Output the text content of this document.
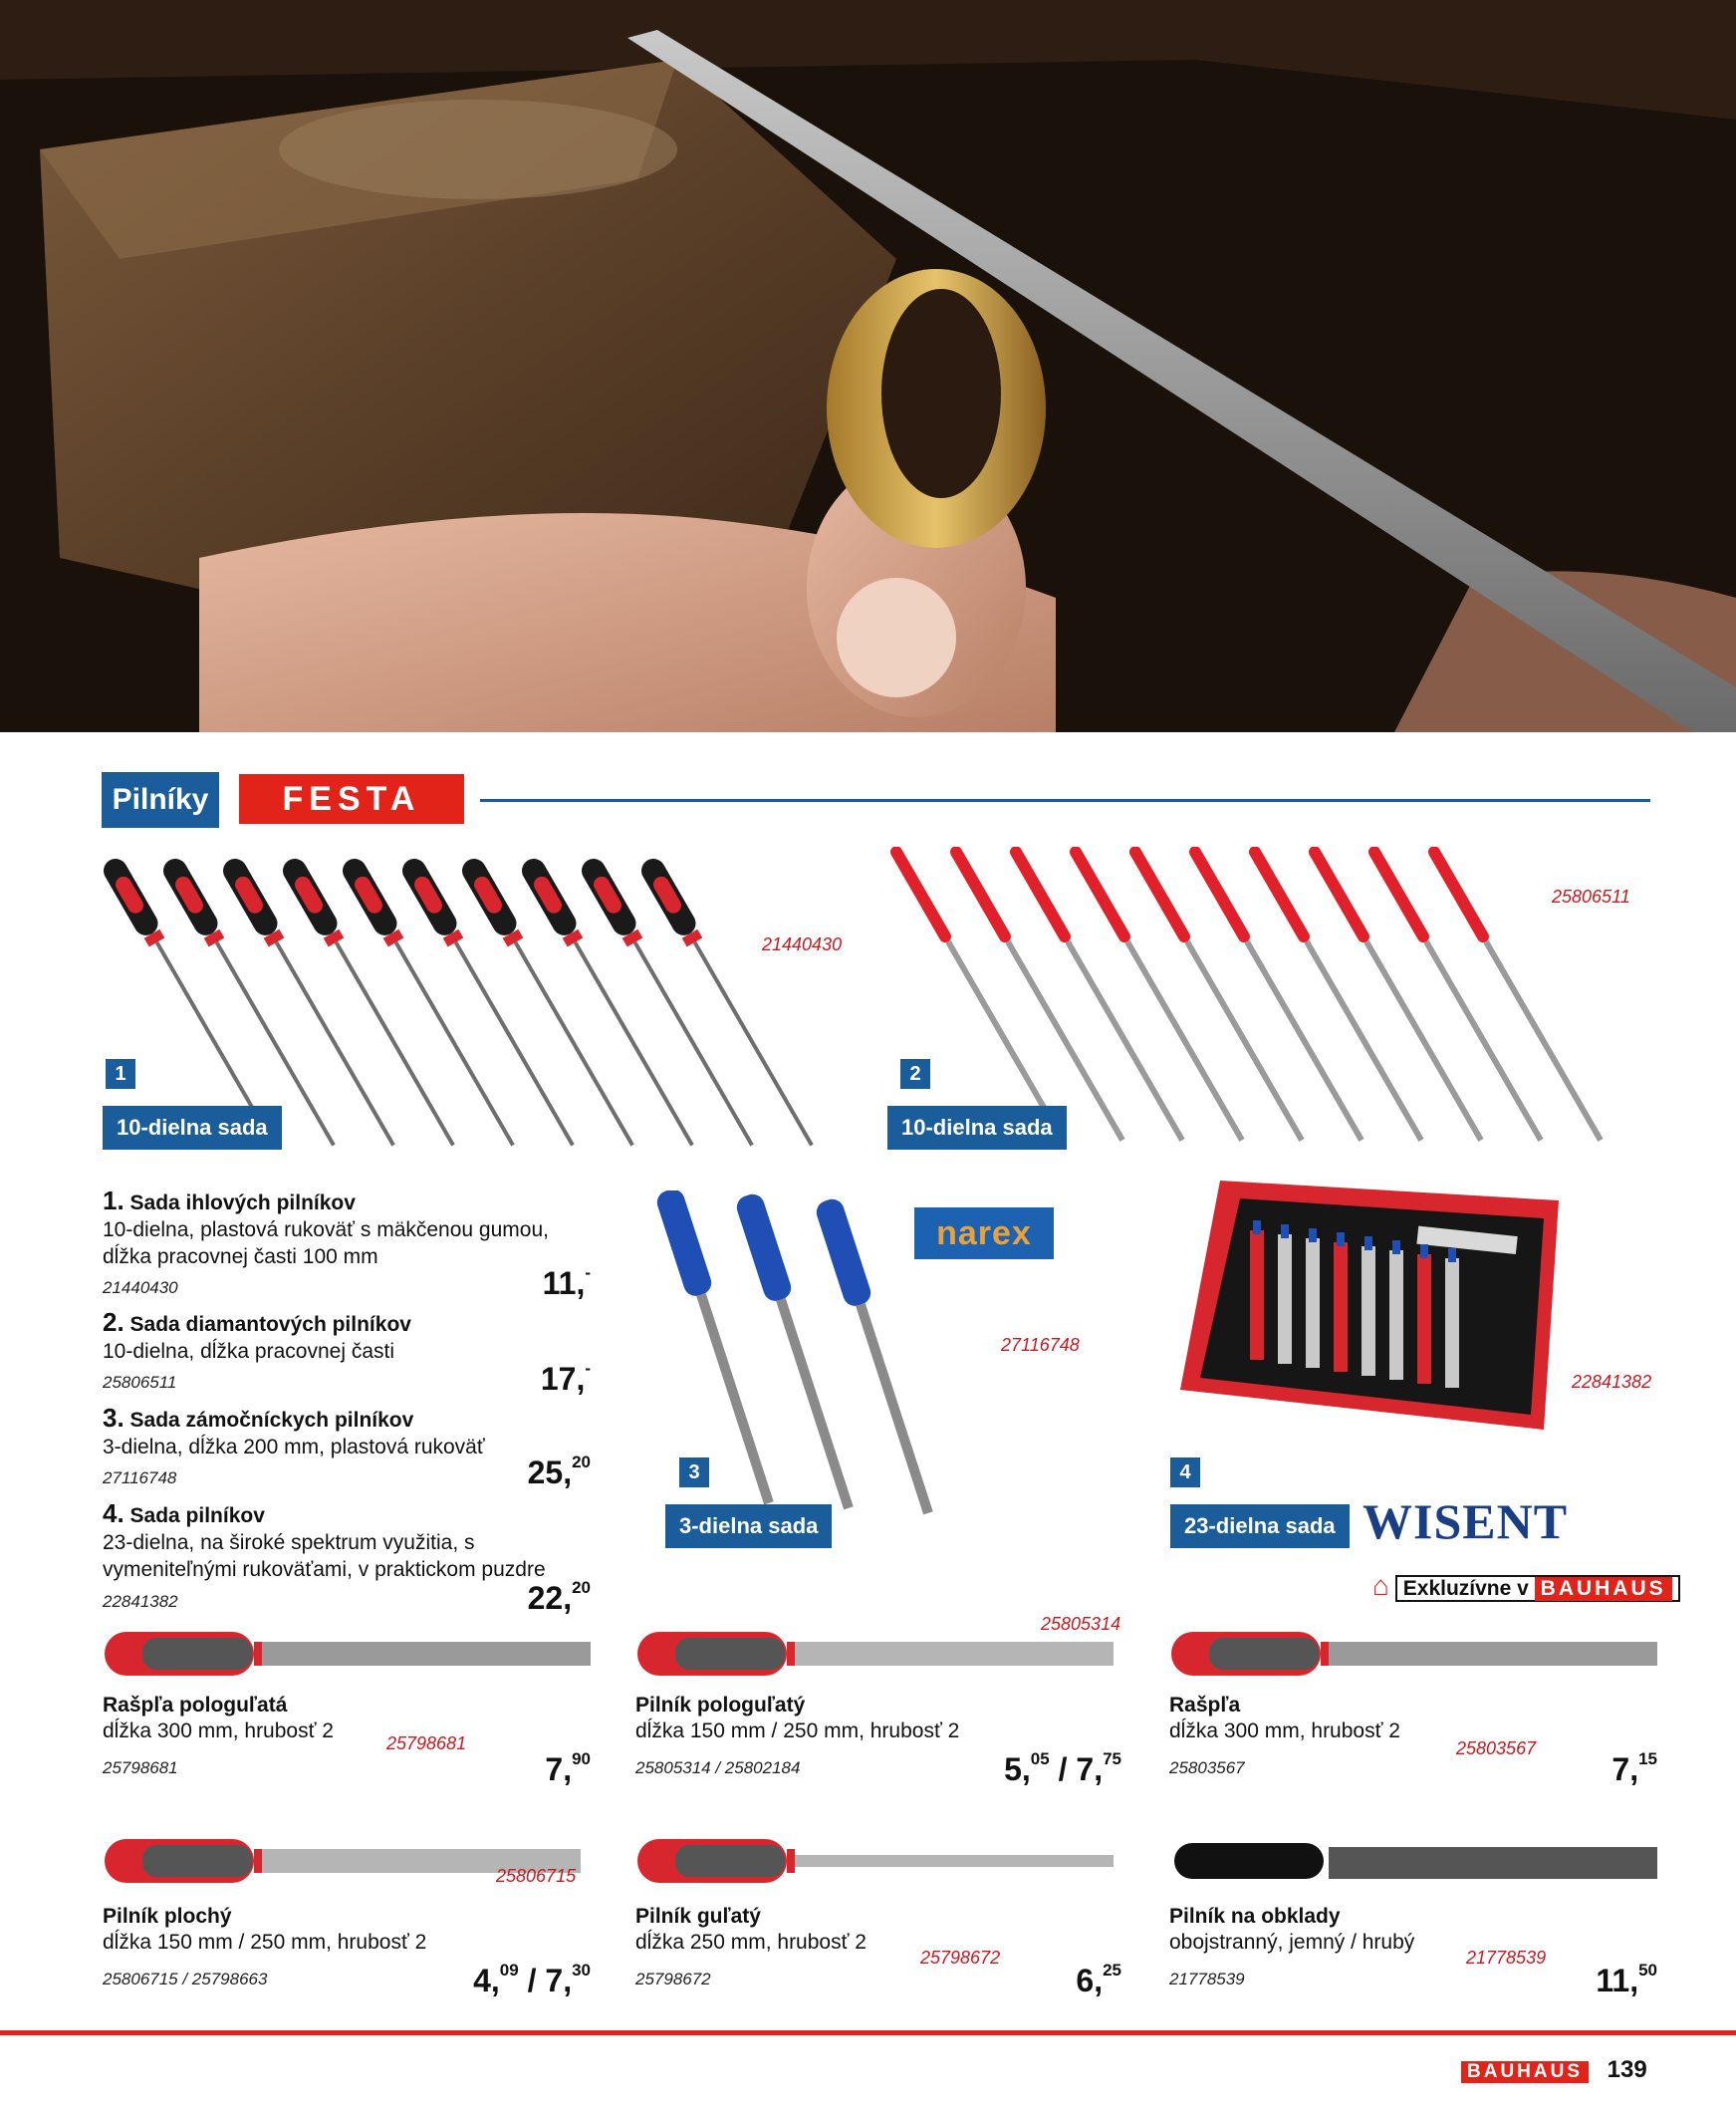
Pilníky	FESTA
21440430
1
10-dielna sada
25806511
2
10-dielna sada
1. Sada ihlových pilníkov
10-dielna, plastová rukoväť s mäkčenou gumou, dĺžka pracovnej časti 100 mm
21440430	11,-
2. Sada diamantových pilníkov
10-dielna, dĺžka pracovnej časti
25806511	17,-
3. Sada zámočníckych pilníkov
3-dielna, dĺžka 200 mm, plastová rukoväť
27116748	25,20
4. Sada pilníkov
23-dielna, na široké spektrum využitia, s vymeniteľnými rukoväťami, v praktickom puzdre
22841382	22,20
narex
27116748
3
3-dielna sada
22841382
4
23-dielna sada WISENT
⌂ Exkluzívne v BAUHAUS
25798681
Rašpľa pologuľatá
dĺžka 300 mm, hrubosť 2
25798681	7,90
25805314
Pilník pologuľatý
dĺžka 150 mm / 250 mm, hrubosť 2
25805314 / 25802184	5,05 / 7,75
25803567
Rašpľa
dĺžka 300 mm, hrubosť 2
25803567	7,15
25806715
Pilník plochý
dĺžka 150 mm / 250 mm, hrubosť 2
25806715 / 25798663	4,09 / 7,30
25798672
Pilník guľatý
dĺžka 250 mm, hrubosť 2
25798672	6,25
21778539
Pilník na obklady
obojstranný, jemný / hrubý
21778539	11,50
BAUHAUS 139
